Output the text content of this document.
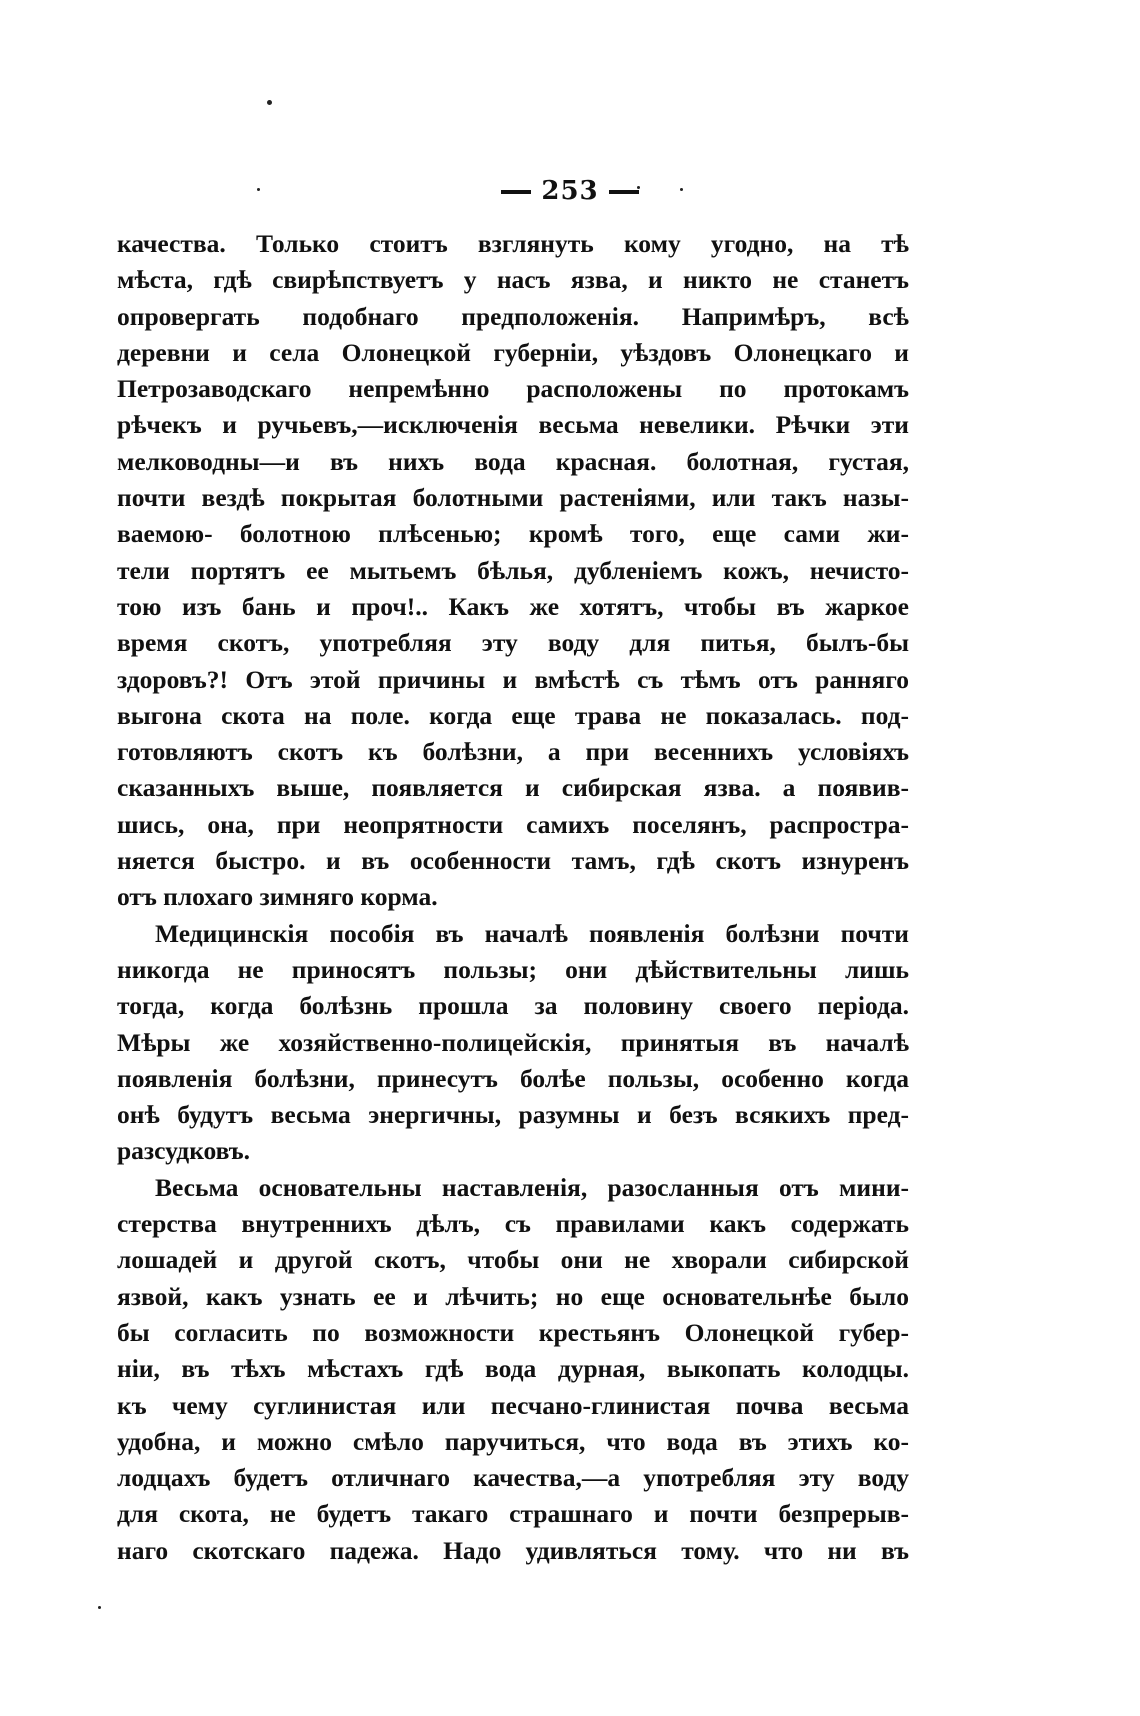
253
качества. Только стоитъ взглянуть кому угодно, на тѣ
мѣста, гдѣ свирѣпствуетъ у насъ язва, и никто не станетъ
опровергать подобнаго предположенія. Напримѣръ, всѣ
деревни и села Олонецкой губерніи, уѣздовъ Олонецкаго и
Петрозаводскаго непремѣнно расположены по протокамъ
рѣчекъ и ручьевъ,—исключенія весьма невелики. Рѣчки эти
мелководны—и въ нихъ вода красная. болотная, густая,
почти вездѣ покрытая болотными растеніями, или такъ назы-
ваемою- болотною плѣсенью; кромѣ того, еще сами жи-
тели портятъ ее мытьемъ бѣлья, дубленіемъ кожъ, нечисто-
тою изъ бань и проч!.. Какъ же хотятъ, чтобы въ жаркое
время скотъ, употребляя эту воду для питья, былъ-бы
здоровъ?! Отъ этой причины и вмѣстѣ съ тѣмъ отъ ранняго
выгона скота на поле. когда еще трава не показалась. под-
готовляютъ скотъ къ болѣзни, а при весеннихъ условіяхъ
сказанныхъ выше, появляется и сибирская язва. а появив-
шись, она, при неопрятности самихъ поселянъ, распростра-
няется быстро. и въ особенности тамъ, гдѣ скотъ изнуренъ
отъ плохаго зимняго корма.
Медицинскія пособія въ началѣ появленія болѣзни почти
никогда не приносятъ пользы; они дѣйствительны лишь
тогда, когда болѣзнь прошла за половину своего періода.
Мѣры же хозяйственно-полицейскія, принятыя въ началѣ
появленія болѣзни, принесутъ болѣе пользы, особенно когда
онѣ будутъ весьма энергичны, разумны и безъ всякихъ пред-
разсудковъ.
Весьма основательны наставленія, разосланныя отъ мини-
стерства внутреннихъ дѣлъ, съ правилами какъ содержать
лошадей и другой скотъ, чтобы они не хворали сибирской
язвой, какъ узнать ее и лѣчить; но еще основательнѣе было
бы согласить по возможности крестьянъ Олонецкой губер-
ніи, въ тѣхъ мѣстахъ гдѣ вода дурная, выкопать колодцы.
къ чему суглинистая или песчано-глинистая почва весьма
удобна, и можно смѣло паручиться, что вода въ этихъ ко-
лодцахъ будетъ отличнаго качества,—а употребляя эту воду
для скота, не будетъ такаго страшнаго и почти безпрерыв-
наго скотскаго падежа. Надо удивляться тому. что ни въ
